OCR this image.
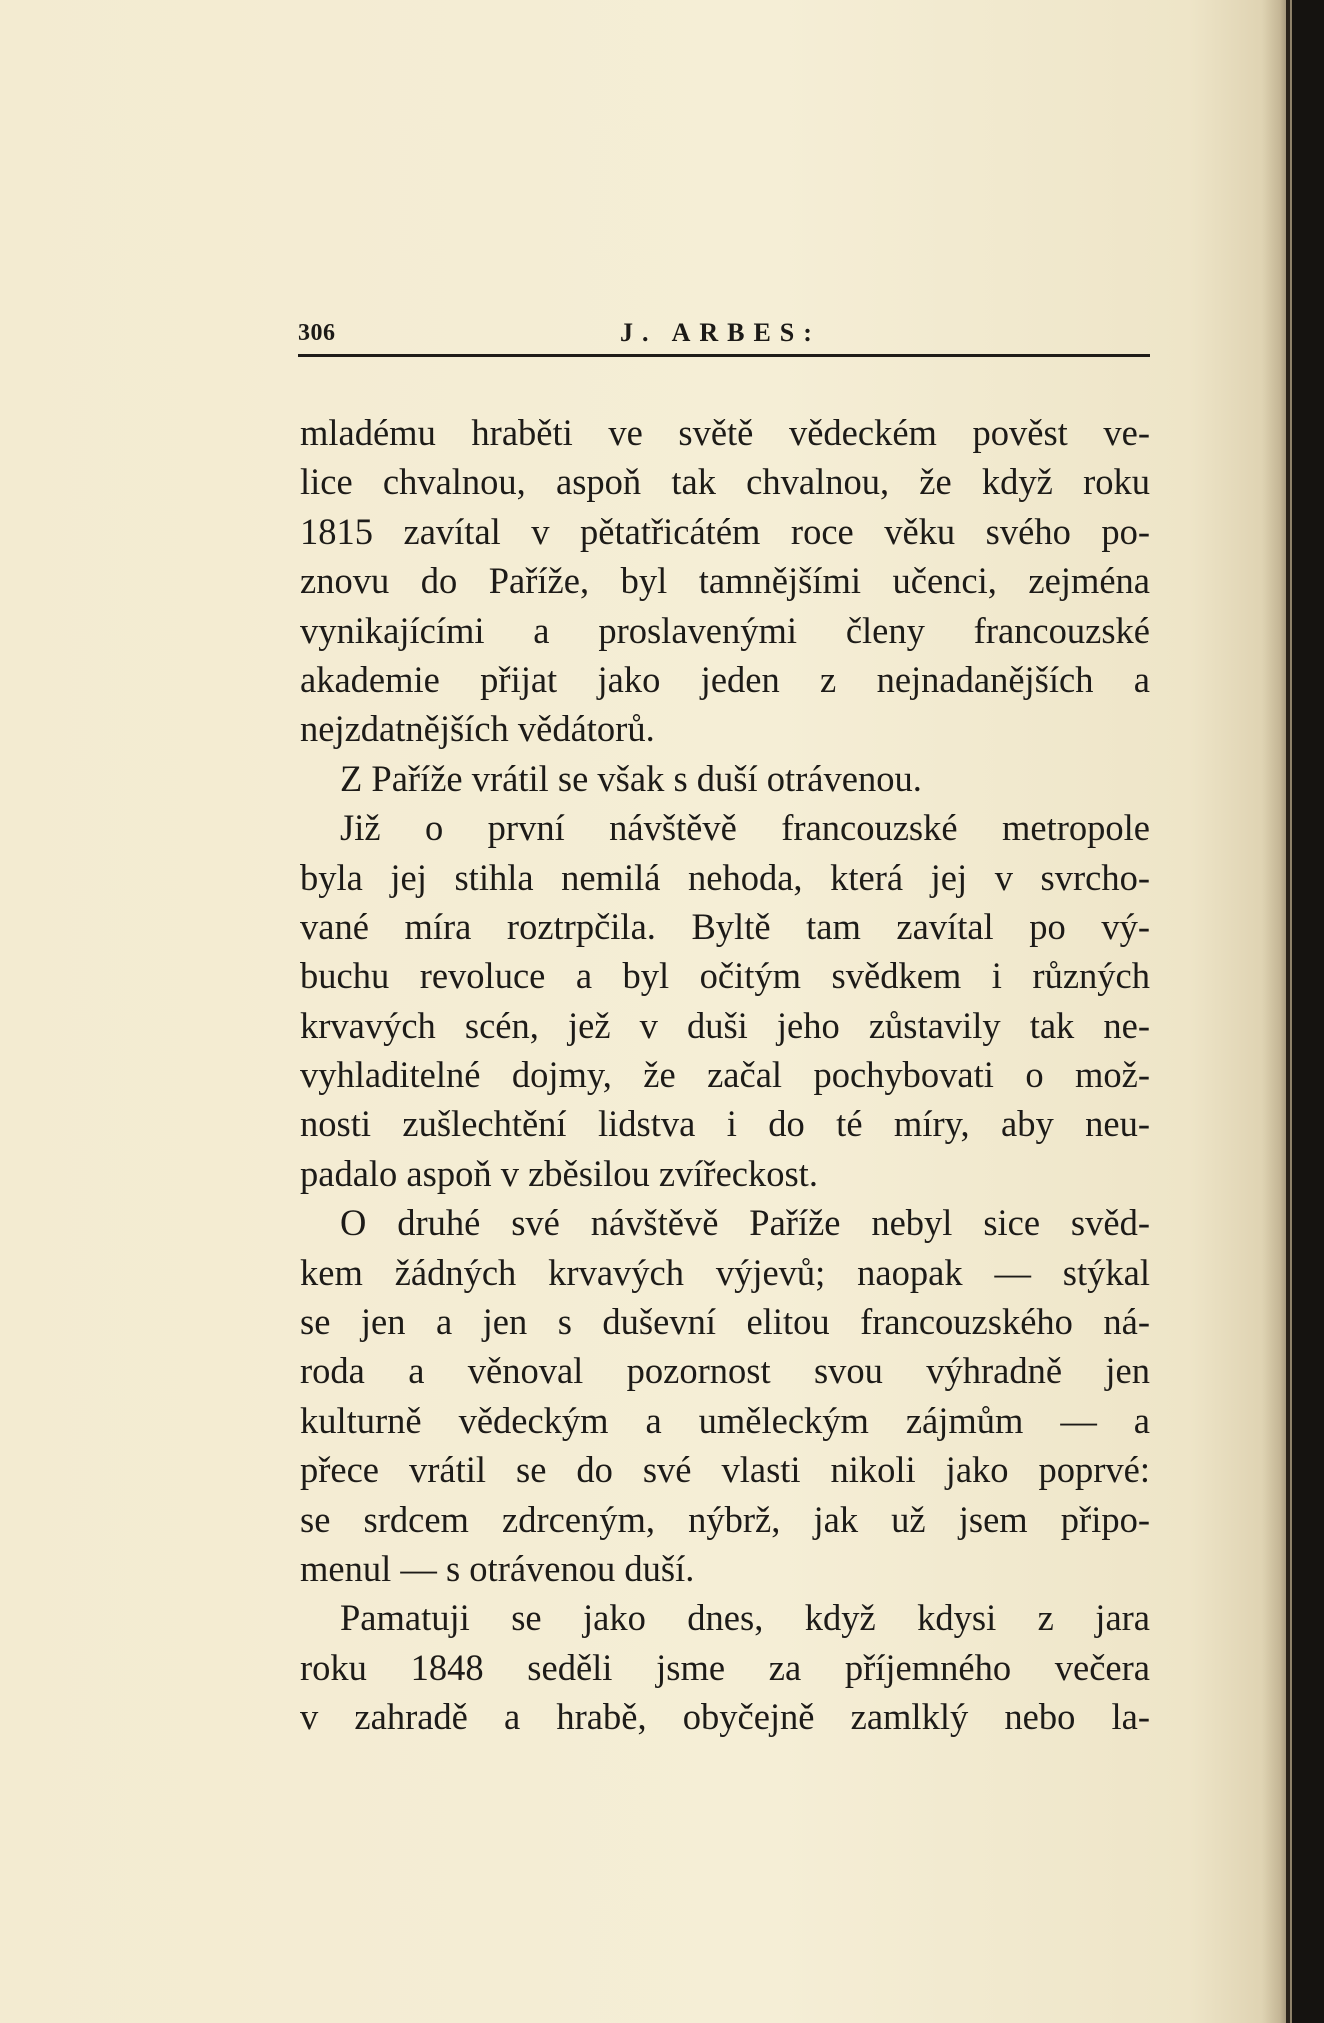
306	J. ARBES:
mladému hraběti ve světě vědeckém pověst ve-
lice chvalnou, aspoň tak chvalnou, že když roku
1815 zavítal v pětatřicátém roce věku svého po-
znovu do Paříže, byl tamnějšími učenci, zejména
vynikajícími a proslavenými členy francouzské
akademie přijat jako jeden z nejnadanějších a
nejzdatnějších vědátorů.
Z Paříže vrátil se však s duší otrávenou.
Již o první návštěvě francouzské metropole
byla jej stihla nemilá nehoda, která jej v svrcho-
vané míra roztrpčila. Byltě tam zavítal po vý-
buchu revoluce a byl očitým svědkem i různých
krvavých scén, jež v duši jeho zůstavily tak ne-
vyhladitelné dojmy, že začal pochybovati o mož-
nosti zušlechtění lidstva i do té míry, aby neu-
padalo aspoň v zběsilou zvířeckost.
O druhé své návštěvě Paříže nebyl sice svěd-
kem žádných krvavých výjevů; naopak — stýkal
se jen a jen s duševní elitou francouzského ná-
roda a věnoval pozornost svou výhradně jen
kulturně vědeckým a uměleckým zájmům — a
přece vrátil se do své vlasti nikoli jako poprvé:
se srdcem zdrceným, nýbrž, jak už jsem připo-
menul — s otrávenou duší.
Pamatuji se jako dnes, když kdysi z jara
roku 1848 seděli jsme za příjemného večera
v zahradě a hrabě, obyčejně zamlklý nebo la-
